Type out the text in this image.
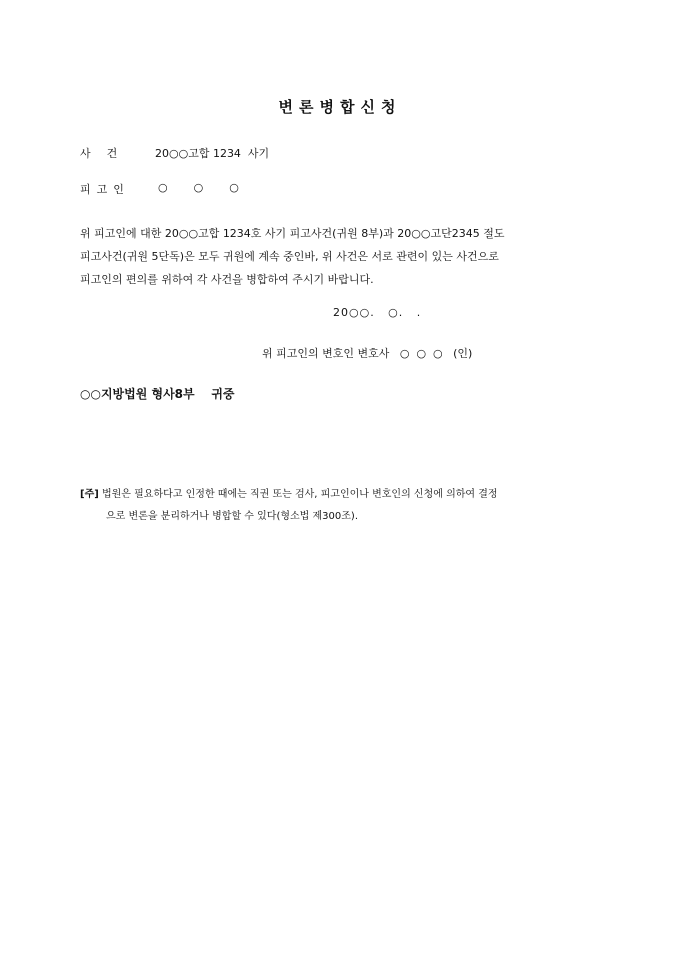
변론병합신청
사건 20○○고합 1234  사기
피고인	○○○
위 피고인에 대한 20○○고합 1234호 사기 피고사건(귀원 8부)과 20○○고단2345 절도
피고사건(귀원 5단독)은 모두 귀원에 계속 중인바, 위 사건은 서로 관련이 있는 사건으로
피고인의 편의를 위하여 각 사건을 병합하여 주시기 바랍니다.
20○○.   ○.   .
위 피고인의 변호인 변호사   ○  ○  ○   (인)
○○지방법원 형사8부    귀중
[주] 법원은 필요하다고 인정한 때에는 직권 또는 검사, 피고인이나 변호인의 신청에 의하여 결정
으로 변론을 분리하거나 병합할 수 있다(형소법 제300조).
